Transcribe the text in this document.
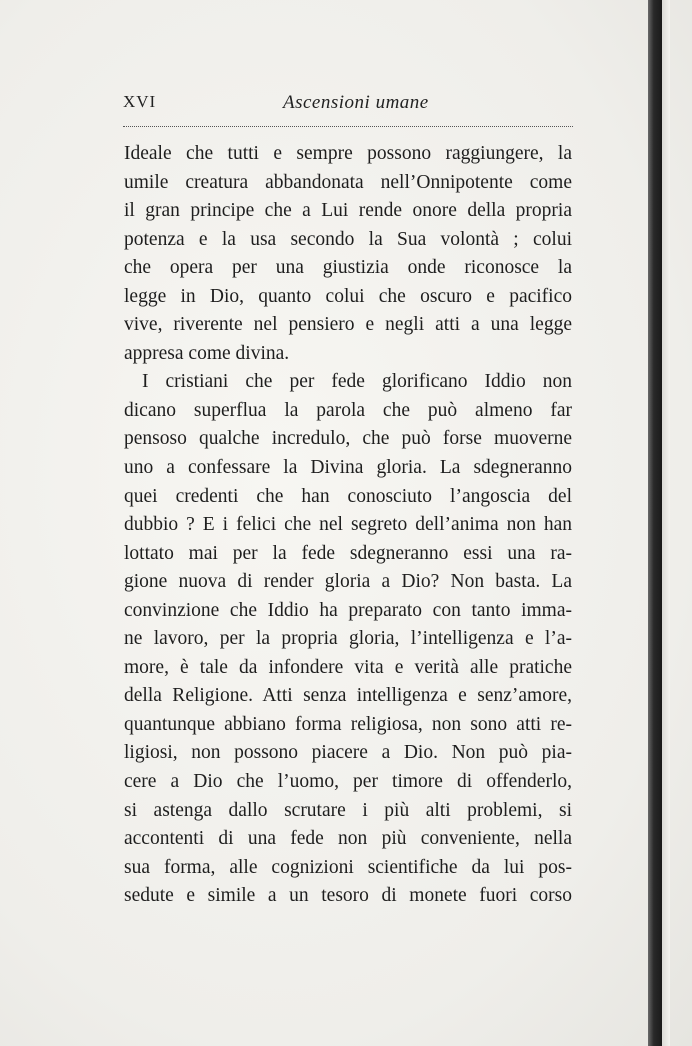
XVI	Ascensioni umane
Ideale che tutti e sempre possono raggiungere, la
umile creatura abbandonata nell’Onnipotente come
il gran principe che a Lui rende onore della propria
potenza e la usa secondo la Sua volontà ; colui
che opera per una giustizia onde riconosce la
legge in Dio, quanto colui che oscuro e pacifico
vive, riverente nel pensiero e negli atti a una legge
appresa come divina.
I cristiani che per fede glorificano Iddio non
dicano superflua la parola che può almeno far
pensoso qualche incredulo, che può forse muoverne
uno a confessare la Divina gloria. La sdegneranno
quei credenti che han conosciuto l’angoscia del
dubbio ? E i felici che nel segreto dell’anima non han
lottato mai per la fede sdegneranno essi una ra-
gione nuova di render gloria a Dio? Non basta. La
convinzione che Iddio ha preparato con tanto imma-
ne lavoro, per la propria gloria, l’intelligenza e l’a-
more, è tale da infondere vita e verità alle pratiche
della Religione. Atti senza intelligenza e senz’amore,
quantunque abbiano forma religiosa, non sono atti re-
ligiosi, non possono piacere a Dio. Non può pia-
cere a Dio che l’uomo, per timore di offenderlo,
si astenga dallo scrutare i più alti problemi, si
accontenti di una fede non più conveniente, nella
sua forma, alle cognizioni scientifiche da lui pos-
sedute e simile a un tesoro di monete fuori corso
